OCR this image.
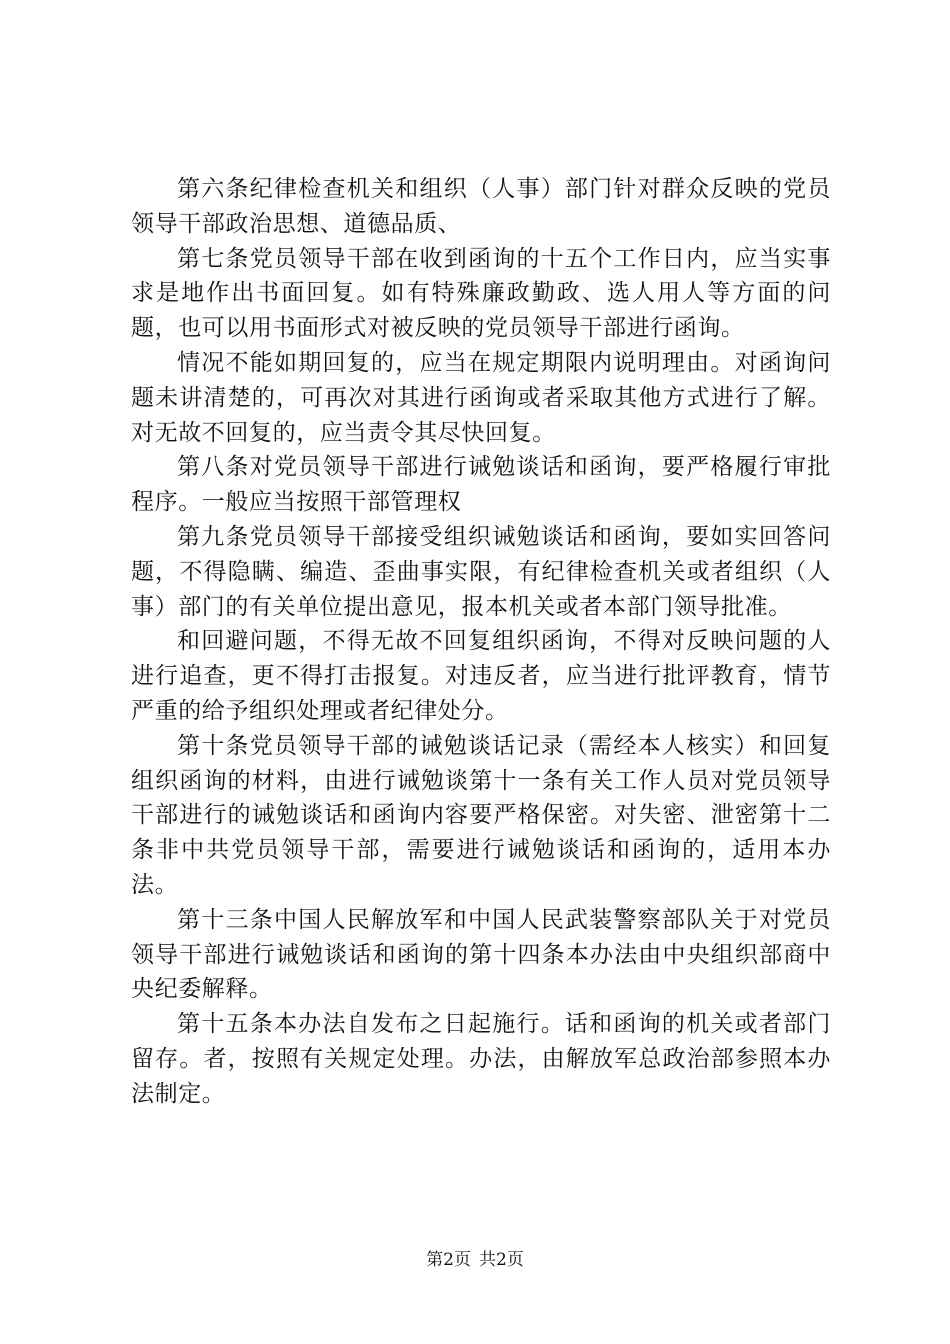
第六条纪律检查机关和组织（人事）部门针对群众反映的党员领导干部政治思想、道德品质、

第七条党员领导干部在收到函询的十五个工作日内，应当实事求是地作出书面回复。如有特殊廉政勤政、选人用人等方面的问题，也可以用书面形式对被反映的党员领导干部进行函询。

情况不能如期回复的，应当在规定期限内说明理由。对函询问题未讲清楚的，可再次对其进行函询或者采取其他方式进行了解。对无故不回复的，应当责令其尽快回复。

第八条对党员领导干部进行诫勉谈话和函询，要严格履行审批程序。一般应当按照干部管理权

第九条党员领导干部接受组织诫勉谈话和函询，要如实回答问题，不得隐瞒、编造、歪曲事实限，有纪律检查机关或者组织（人事）部门的有关单位提出意见，报本机关或者本部门领导批准。

和回避问题，不得无故不回复组织函询，不得对反映问题的人进行追查，更不得打击报复。对违反者，应当进行批评教育，情节严重的给予组织处理或者纪律处分。

第十条党员领导干部的诫勉谈话记录（需经本人核实）和回复组织函询的材料，由进行诫勉谈第十一条有关工作人员对党员领导干部进行的诫勉谈话和函询内容要严格保密。对失密、泄密第十二条非中共党员领导干部，需要进行诫勉谈话和函询的，适用本办法。

第十三条中国人民解放军和中国人民武装警察部队关于对党员领导干部进行诫勉谈话和函询的第十四条本办法由中央组织部商中央纪委解释。

第十五条本办法自发布之日起施行。话和函询的机关或者部门留存。者，按照有关规定处理。办法，由解放军总政治部参照本办法制定。

第2页 共2页
